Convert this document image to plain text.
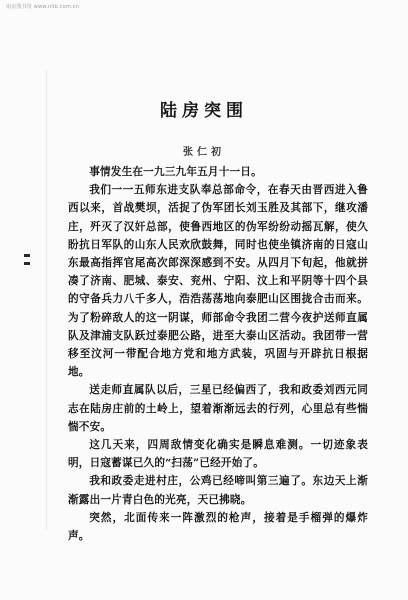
南京图书馆 www.nlib.com.cn
陆房突围
张仁初

事情发生在一九三九年五月十一日。

我们一一五师东进支队奉总部命令，在春天由晋西进入鲁西以来，首战樊坝，活捉了伪军团长刘玉胜及其部下，继攻潘庄，歼灭了汉奸总部，使鲁西地区的伪军纷纷动摇瓦解，使久盼抗日军队的山东人民欢欣鼓舞，同时也使坐镇济南的日寇山东最高指挥官尾高次郎深深感到不安。从四月下旬起，他就拼凑了济南、肥城、泰安、兖州、宁阳、汶上和平阴等十四个县的守备兵力八千多人，浩浩荡荡地向泰肥山区围拢合击而来。为了粉碎敌人的这一阴谋，师部命令我团二营今夜护送师直属队及津浦支队跃过泰肥公路，进至大泰山区活动。我团带一营移至汶河一带配合地方党和地方武装，巩固与开辟抗日根据地。

送走师直属队以后，三星已经偏西了，我和政委刘西元同志在陆房庄前的土岭上，望着渐渐远去的行列，心里总有些惴惴不安。

这几天来，四周敌情变化确实是瞬息难测。一切迹象表明，日寇蓄谋已久的“扫荡”已经开始了。

我和政委走进村庄，公鸡已经啼叫第三遍了。东边天上渐渐露出一片青白色的光亮，天已拂晓。

突然，北面传来一阵激烈的枪声，接着是手榴弹的爆炸声。
